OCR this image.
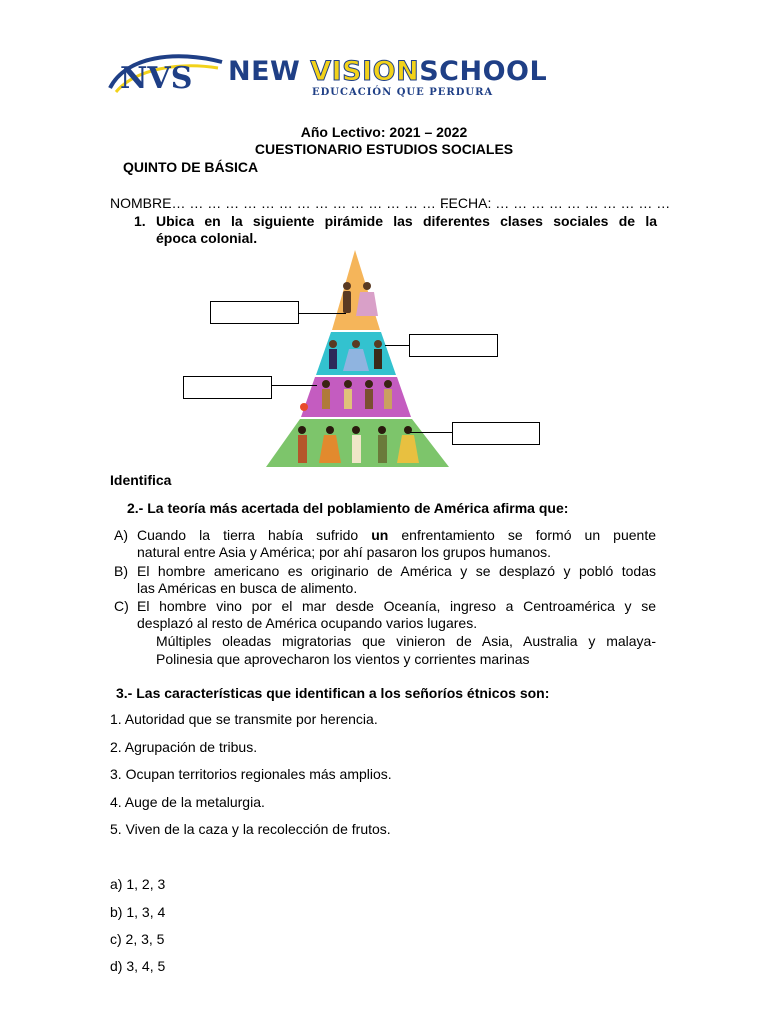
NVS NEW VISIONSCHOOL
EDUCACIÓN QUE PERDURA
Año Lectivo: 2021 – 2022
CUESTIONARIO ESTUDIOS SOCIALES
QUINTO DE BÁSICA
NOMBRE… … … … … … … … … … … … … … … …
FECHA: … … … … … … … … … …
1. Ubica en la siguiente pirámide las diferentes clases sociales de la
época colonial.
Identifica
2.- La teoría más acertada del poblamiento de América afirma que:
A) Cuando la tierra había sufrido un enfrentamiento se formó un puente
natural entre Asia y América; por ahí pasaron los grupos humanos.
B) El hombre americano es originario de América y se desplazó y pobló todas
las Américas en busca de alimento.
C) El hombre vino por el mar desde Oceanía, ingreso a Centroamérica y se
desplazó al resto de América ocupando varios lugares.
Múltiples oleadas migratorias que vinieron de Asia, Australia y malaya-
Polinesia que aprovecharon los vientos y corrientes marinas
3.- Las características que identifican a los señoríos étnicos son:
1. Autoridad que se transmite por herencia.
2. Agrupación de tribus.
3. Ocupan territorios regionales más amplios.
4. Auge de la metalurgia.
5. Viven de la caza y la recolección de frutos.
a) 1, 2, 3
b) 1, 3, 4
c) 2, 3, 5
d) 3, 4, 5
